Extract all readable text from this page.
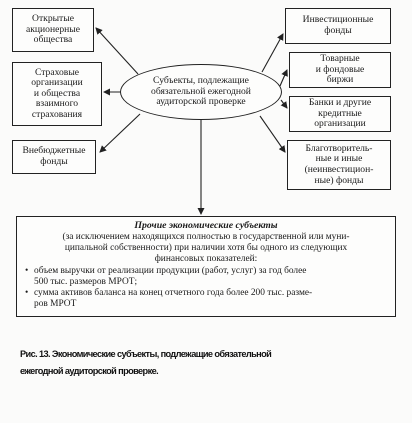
Субъекты, подлежащие
обязательной ежегодной
аудиторской проверке
Открытые
акционерные
общества
Страховые
организации
и общества
взаимного
страхования
Внебюджетные
фонды
Инвестиционные
фонды
Товарные
и фондовые
биржи
Банки и другие
кредитные
организации
Благотворитель-
ные и иные
(неинвестицион-
ные) фонды
Прочие экономические субъекты
(за исключением находящихся полностью в государственной или муни-
ципальной собственности) при наличии хотя бы одного из следующих
финансовых показателей:
• объем выручки от реализации продукции (работ, услуг) за год более
500 тыс. размеров МРОТ;
• сумма активов баланса на конец отчетного года более 200 тыс. разме-
ров МРОТ
Рис. 13. Экономические субъекты, подлежащие обязательной
ежегодной аудиторской проверке.
